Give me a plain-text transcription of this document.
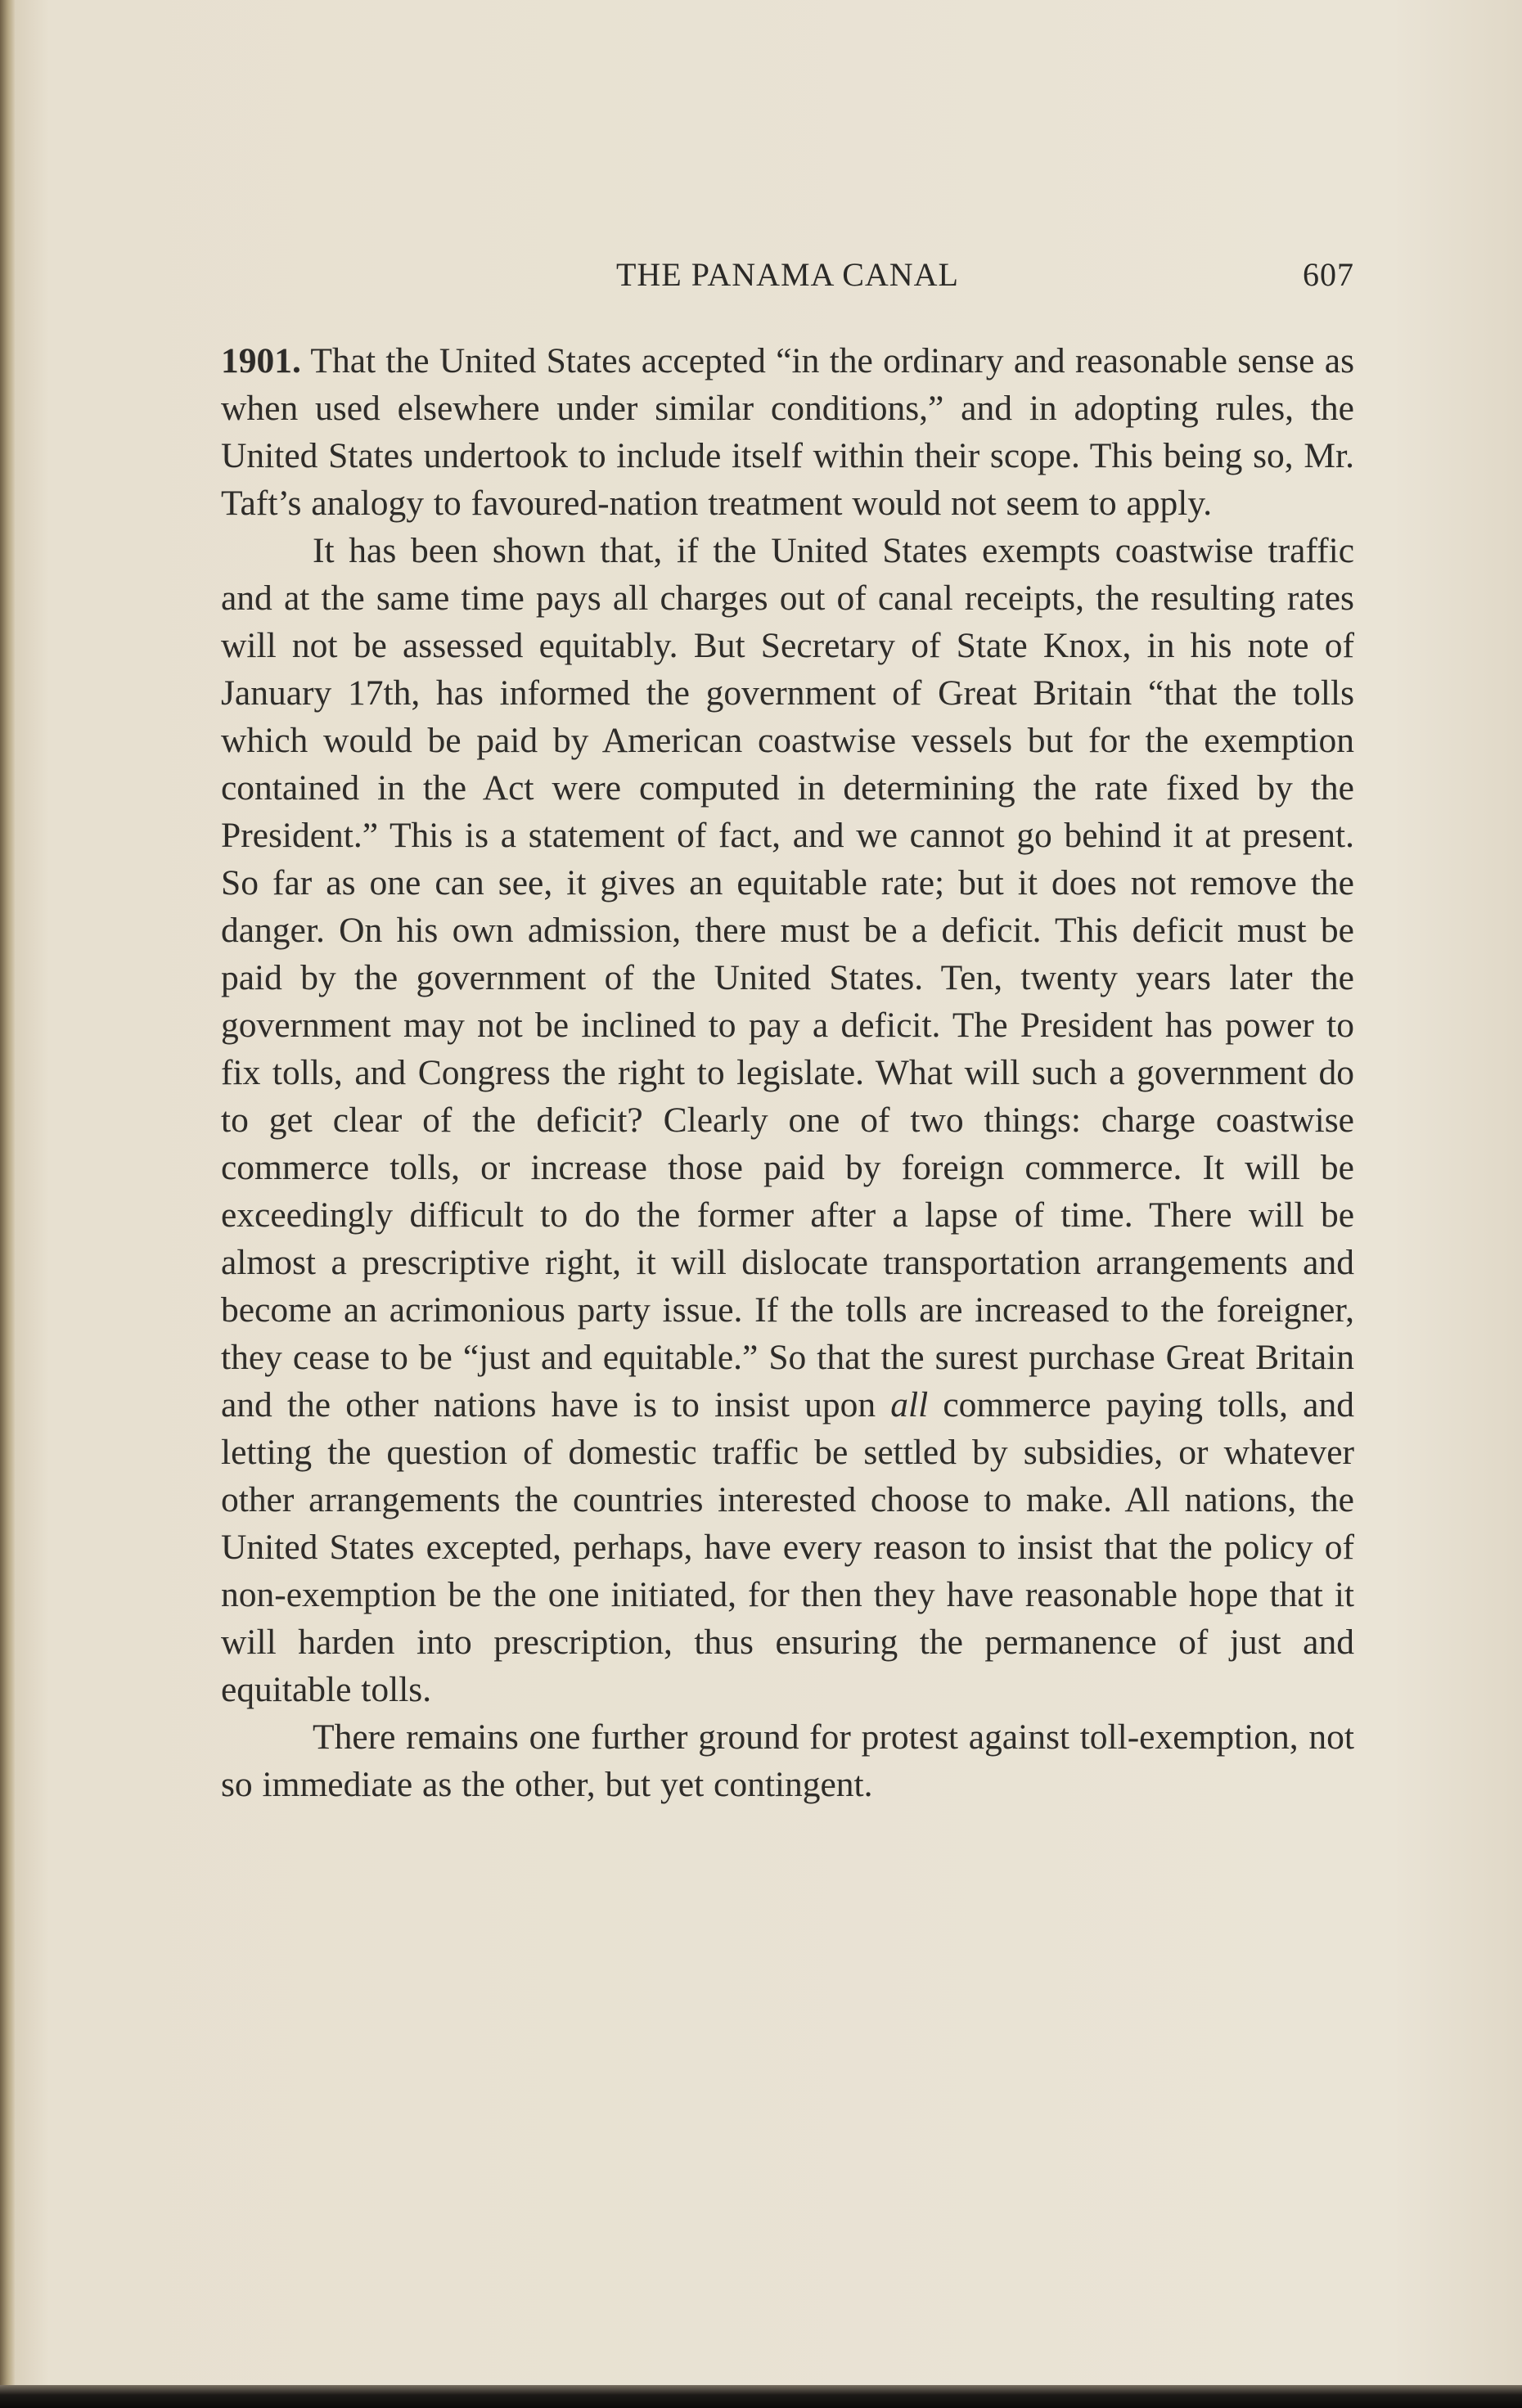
THE PANAMA CANAL	607

1901. That the United States accepted “in the ordinary and reasonable sense as when used elsewhere under similar conditions,” and in adopting rules, the United States undertook to include itself within their scope. This being so, Mr. Taft’s analogy to favoured-nation treatment would not seem to apply.

It has been shown that, if the United States exempts coastwise traffic and at the same time pays all charges out of canal receipts, the resulting rates will not be assessed equitably. But Secretary of State Knox, in his note of January 17th, has informed the government of Great Britain “that the tolls which would be paid by American coastwise vessels but for the exemption contained in the Act were computed in determining the rate fixed by the President.” This is a statement of fact, and we cannot go behind it at present. So far as one can see, it gives an equitable rate; but it does not remove the danger. On his own admission, there must be a deficit. This deficit must be paid by the government of the United States. Ten, twenty years later the government may not be inclined to pay a deficit. The President has power to fix tolls, and Congress the right to legislate. What will such a government do to get clear of the deficit? Clearly one of two things: charge coastwise commerce tolls, or increase those paid by foreign commerce. It will be exceedingly difficult to do the former after a lapse of time. There will be almost a prescriptive right, it will dislocate transportation arrangements and become an acrimonious party issue. If the tolls are increased to the foreigner, they cease to be “just and equitable.” So that the surest purchase Great Britain and the other nations have is to insist upon all commerce paying tolls, and letting the question of domestic traffic be settled by subsidies, or whatever other arrangements the countries interested choose to make. All nations, the United States excepted, perhaps, have every reason to insist that the policy of non-exemption be the one initiated, for then they have reasonable hope that it will harden into prescription, thus ensuring the permanence of just and equitable tolls.

There remains one further ground for protest against toll-exemption, not so immediate as the other, but yet contingent.
